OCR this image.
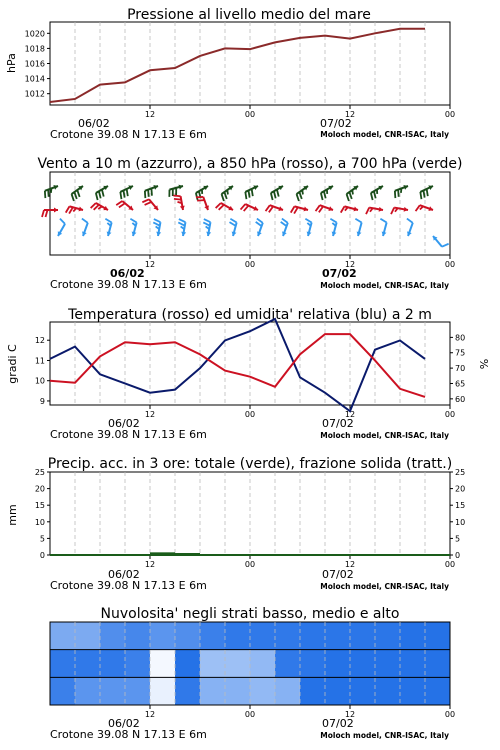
Pressione al livello medio del mare
hPa
12	00	12	00
1012
1014
1016
1018
1020
06/02	07/02
Crotone 39.08 N 17.13 E 6m	Moloch model, CNR-ISAC, Italy
Vento a 10 m (azzurro), a 850 hPa (rosso), a 700 hPa (verde)
12	00	12	00
06/02	07/02
Crotone 39.08 N 17.13 E 6m	Moloch model, CNR-ISAC, Italy
Temperatura (rosso) ed umidita' relativa (blu) a 2 m
gradi C	%
12	00	12	00
9
10
11
12
60
65
70
75
80
06/02	07/02
Crotone 39.08 N 17.13 E 6m	Moloch model, CNR-ISAC, Italy
Precip. acc. in 3 ore: totale (verde), frazione solida (tratt.)
mm
12	00	12	00
0
5
10
15
20
25
0
5
10
15
20
25
06/02	07/02
Crotone 39.08 N 17.13 E 6m	Moloch model, CNR-ISAC, Italy
Nuvolosita' negli strati basso, medio e alto
12	00	12	00
06/02	07/02
Crotone 39.08 N 17.13 E 6m	Moloch model, CNR-ISAC, Italy
